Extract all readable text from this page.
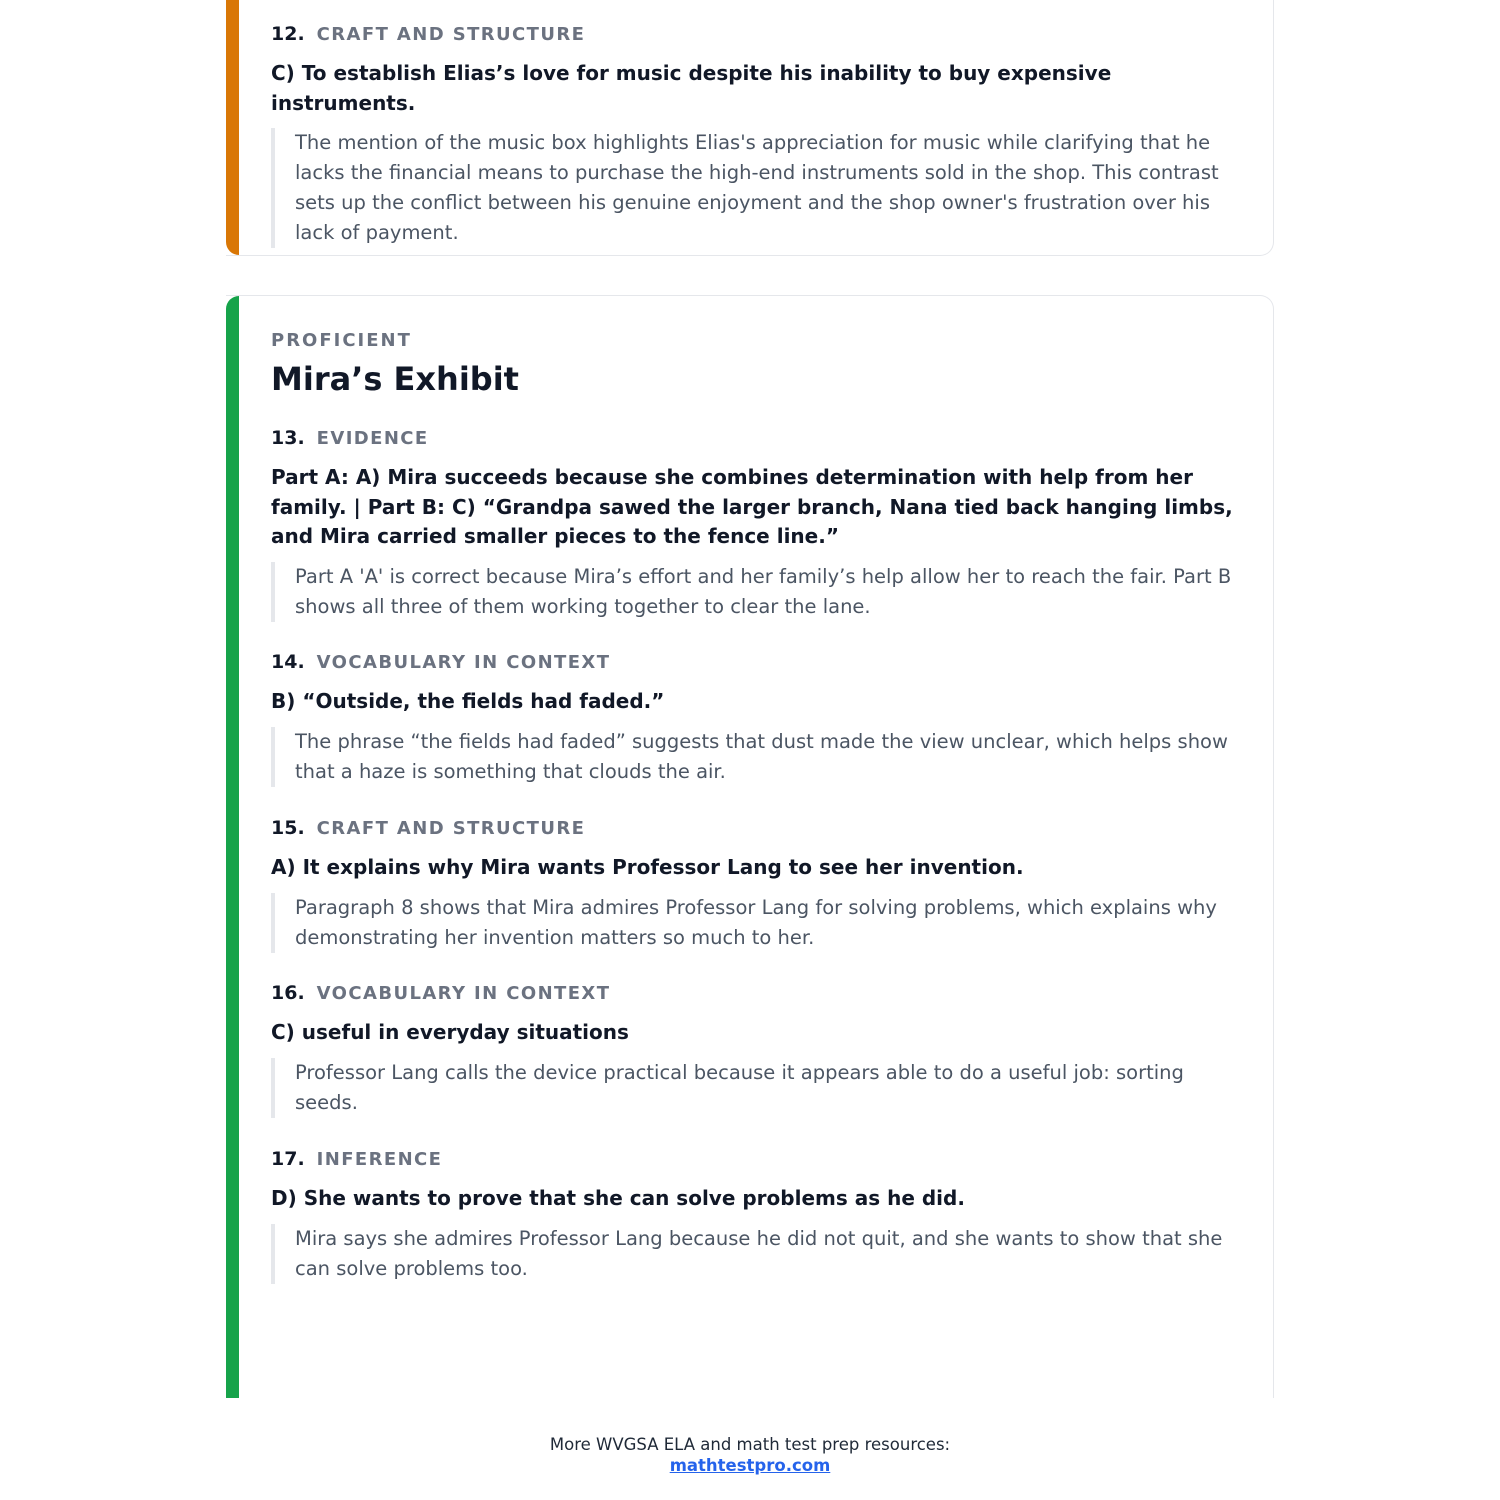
12. CRAFT AND STRUCTURE
C) To establish Elias’s love for music despite his inability to buy expensive instruments.
The mention of the music box highlights Elias's appreciation for music while clarifying that he lacks the financial means to purchase the high-end instruments sold in the shop. This contrast sets up the conflict between his genuine enjoyment and the shop owner's frustration over his lack of payment.
PROFICIENT
Mira’s Exhibit
13. EVIDENCE
Part A: A) Mira succeeds because she combines determination with help from her family. | Part B: C) “Grandpa sawed the larger branch, Nana tied back hanging limbs, and Mira carried smaller pieces to the fence line.”
Part A 'A' is correct because Mira’s effort and her family’s help allow her to reach the fair. Part B shows all three of them working together to clear the lane.
14. VOCABULARY IN CONTEXT
B) “Outside, the fields had faded.”
The phrase “the fields had faded” suggests that dust made the view unclear, which helps show that a haze is something that clouds the air.
15. CRAFT AND STRUCTURE
A) It explains why Mira wants Professor Lang to see her invention.
Paragraph 8 shows that Mira admires Professor Lang for solving problems, which explains why demonstrating her invention matters so much to her.
16. VOCABULARY IN CONTEXT
C) useful in everyday situations
Professor Lang calls the device practical because it appears able to do a useful job: sorting seeds.
17. INFERENCE
D) She wants to prove that she can solve problems as he did.
Mira says she admires Professor Lang because he did not quit, and she wants to show that she can solve problems too.
More WVGSA ELA and math test prep resources:
mathtestpro.com
